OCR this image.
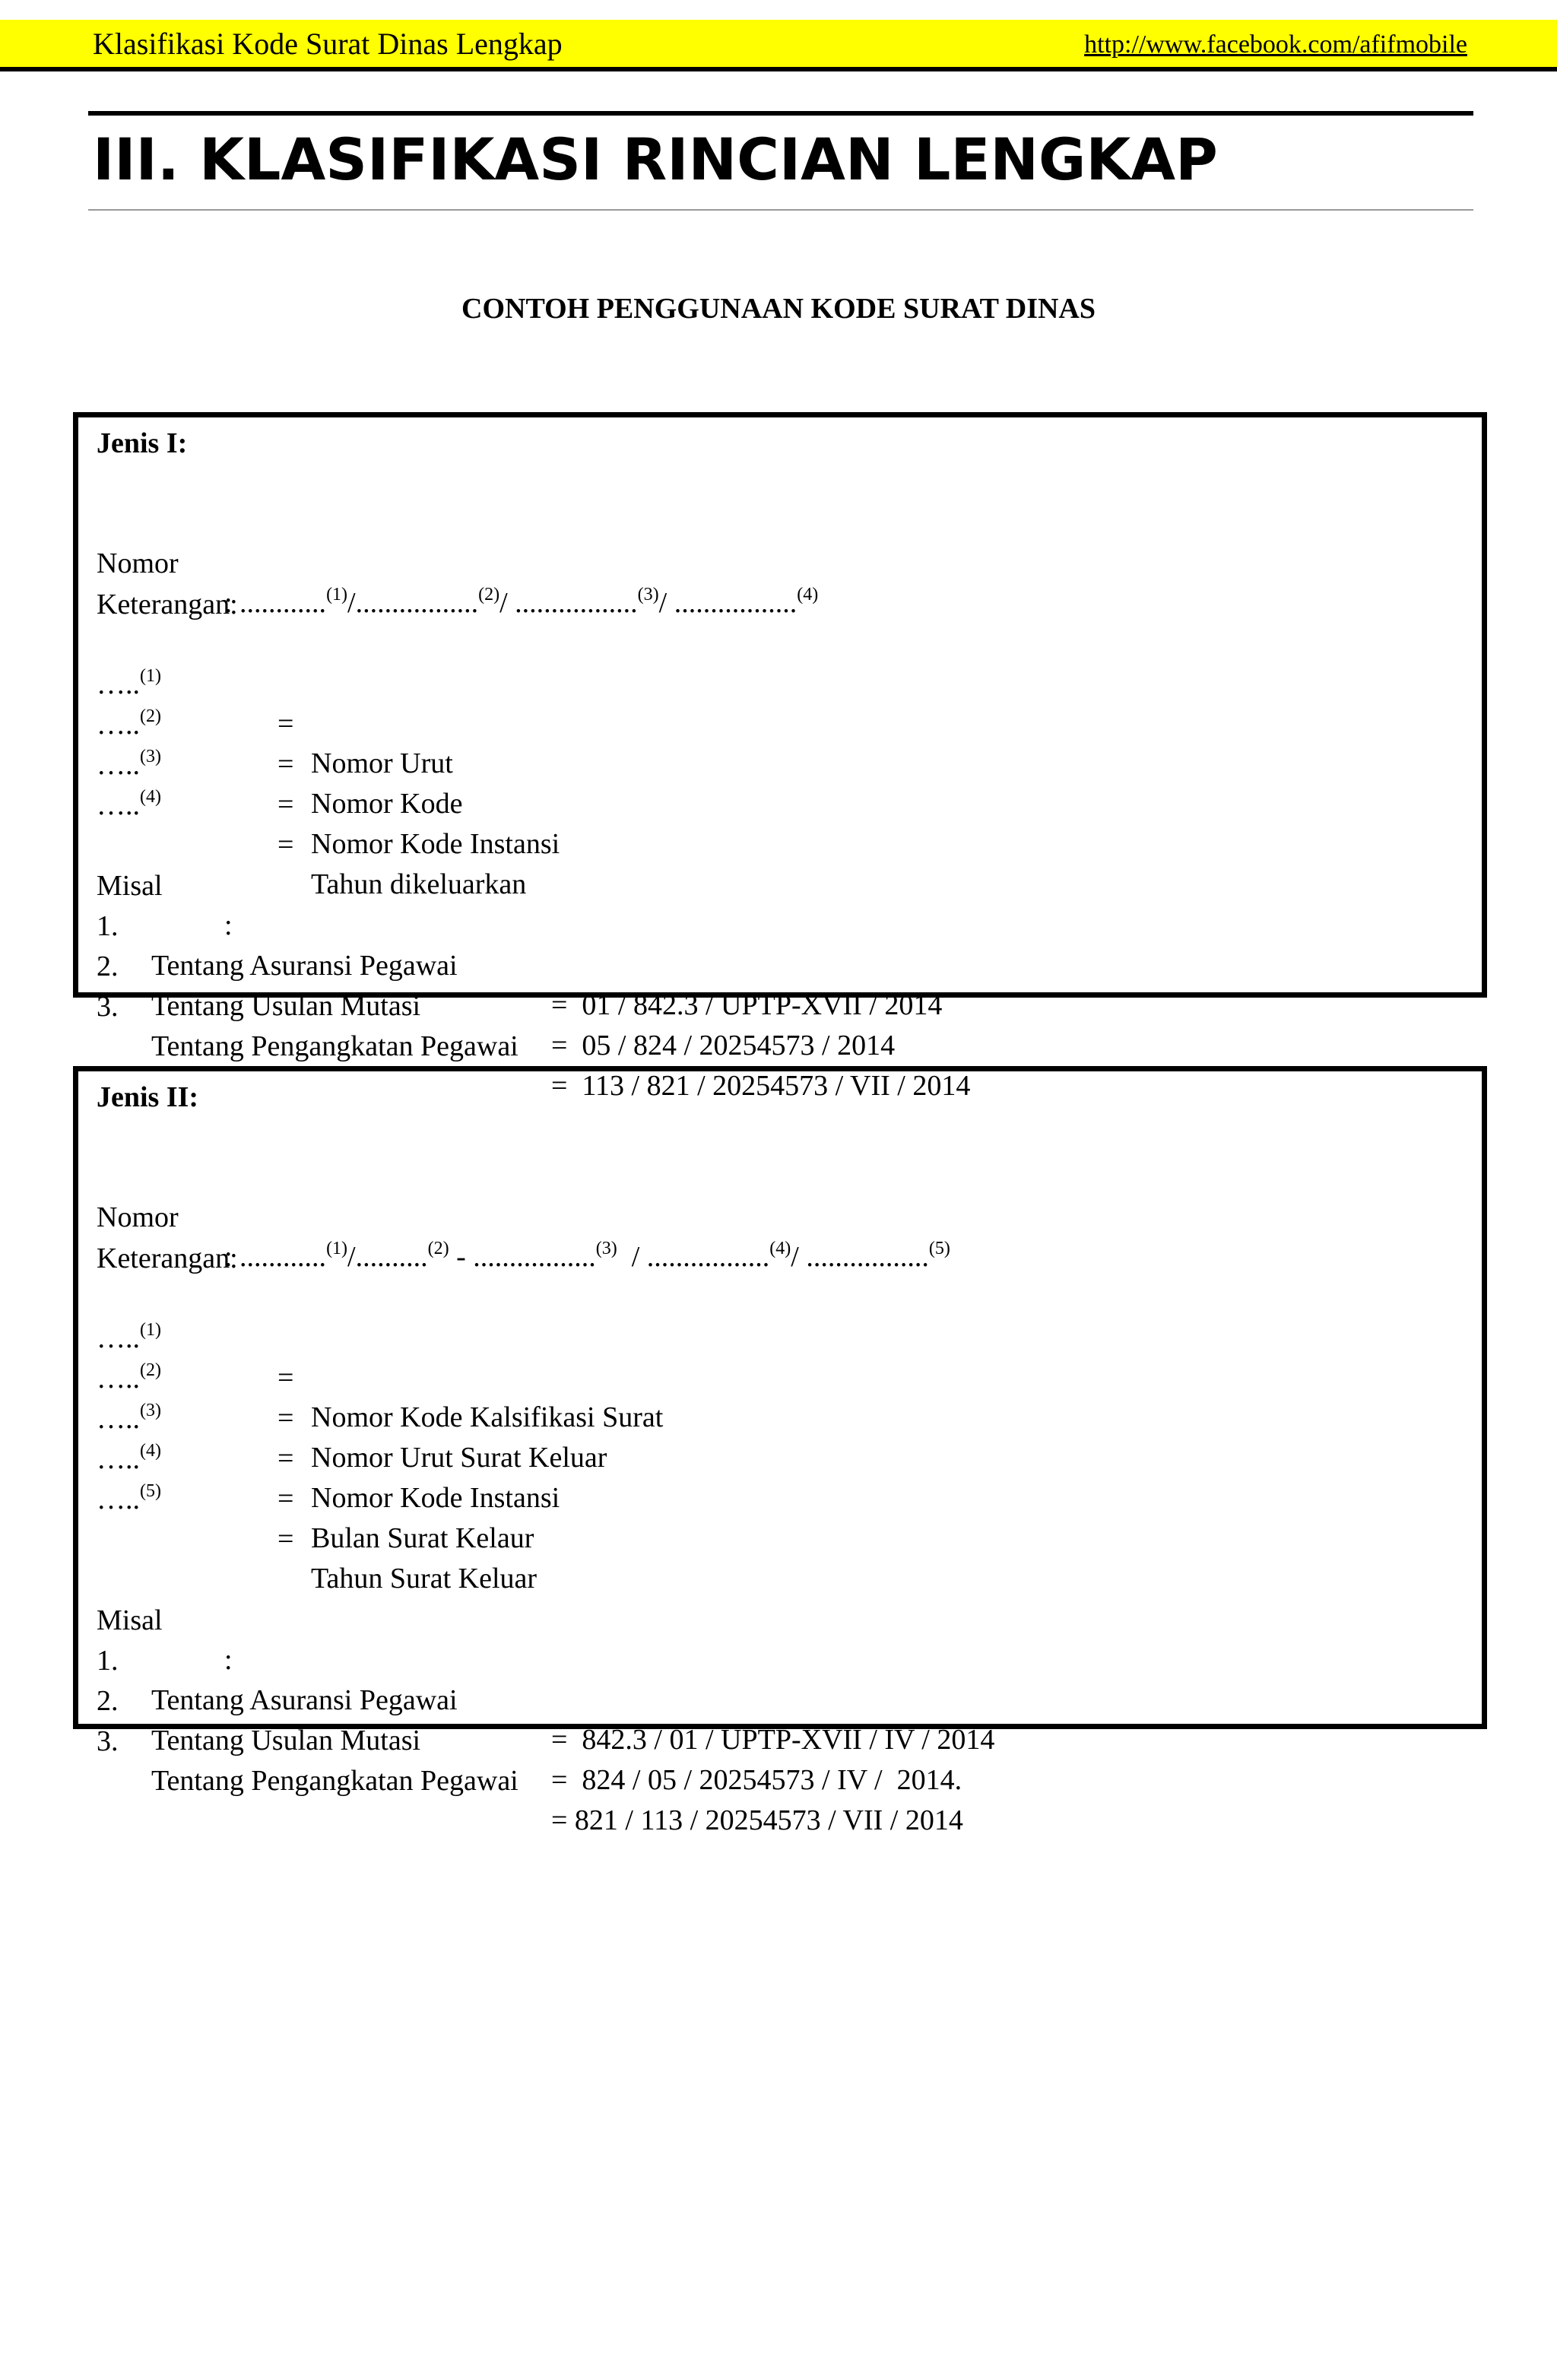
Klasifikasi Kode Surat Dinas Lengkap	http://www.facebook.com/afifmobile
III. KLASIFIKASI RINCIAN LENGKAP
CONTOH PENGGUNAAN KODE SURAT DINAS
Jenis I:

Nomor

: ............$^{(1)}$/.................$^{(2)}$/ .................$^{(3)}$/ .................$^{(4)}$

Keterangan:

…..$^{(1)}$

=

Nomor Urut

…..$^{(2)}$

=

Nomor Kode

…..$^{(3)}$

=

Nomor Kode Instansi

…..$^{(4)}$

=

Tahun dikeluarkan

Misal

:

1.

Tentang Asuransi Pegawai

=  01 / 842.3 / UPTP-XVII / 2014

2.

Tentang Usulan Mutasi

=  05 / 824 / 20254573 / 2014

3.

Tentang Pengangkatan Pegawai

=  113 / 821 / 20254573 / VII / 2014

Jenis II:

Nomor

: ............$^{(1)}$/..........$^{(2)}$ - .................$^{(3)}$  / .................$^{(4)}$/ .................$^{(5)}$

Keterangan:

…..$^{(1)}$

=

Nomor Kode Kalsifikasi Surat

…..$^{(2)}$

=

Nomor Urut Surat Keluar

…..$^{(3)}$

=

Nomor Kode Instansi

…..$^{(4)}$

=

Bulan Surat Kelaur

…..$^{(5)}$

=

Tahun Surat Keluar

Misal

:

1.

Tentang Asuransi Pegawai

=  842.3 / 01 / UPTP-XVII / IV / 2014

2.

Tentang Usulan Mutasi

=  824 / 05 / 20254573 / IV /  2014.

3.

Tentang Pengangkatan Pegawai

= 821 / 113 / 20254573 / VII / 2014
